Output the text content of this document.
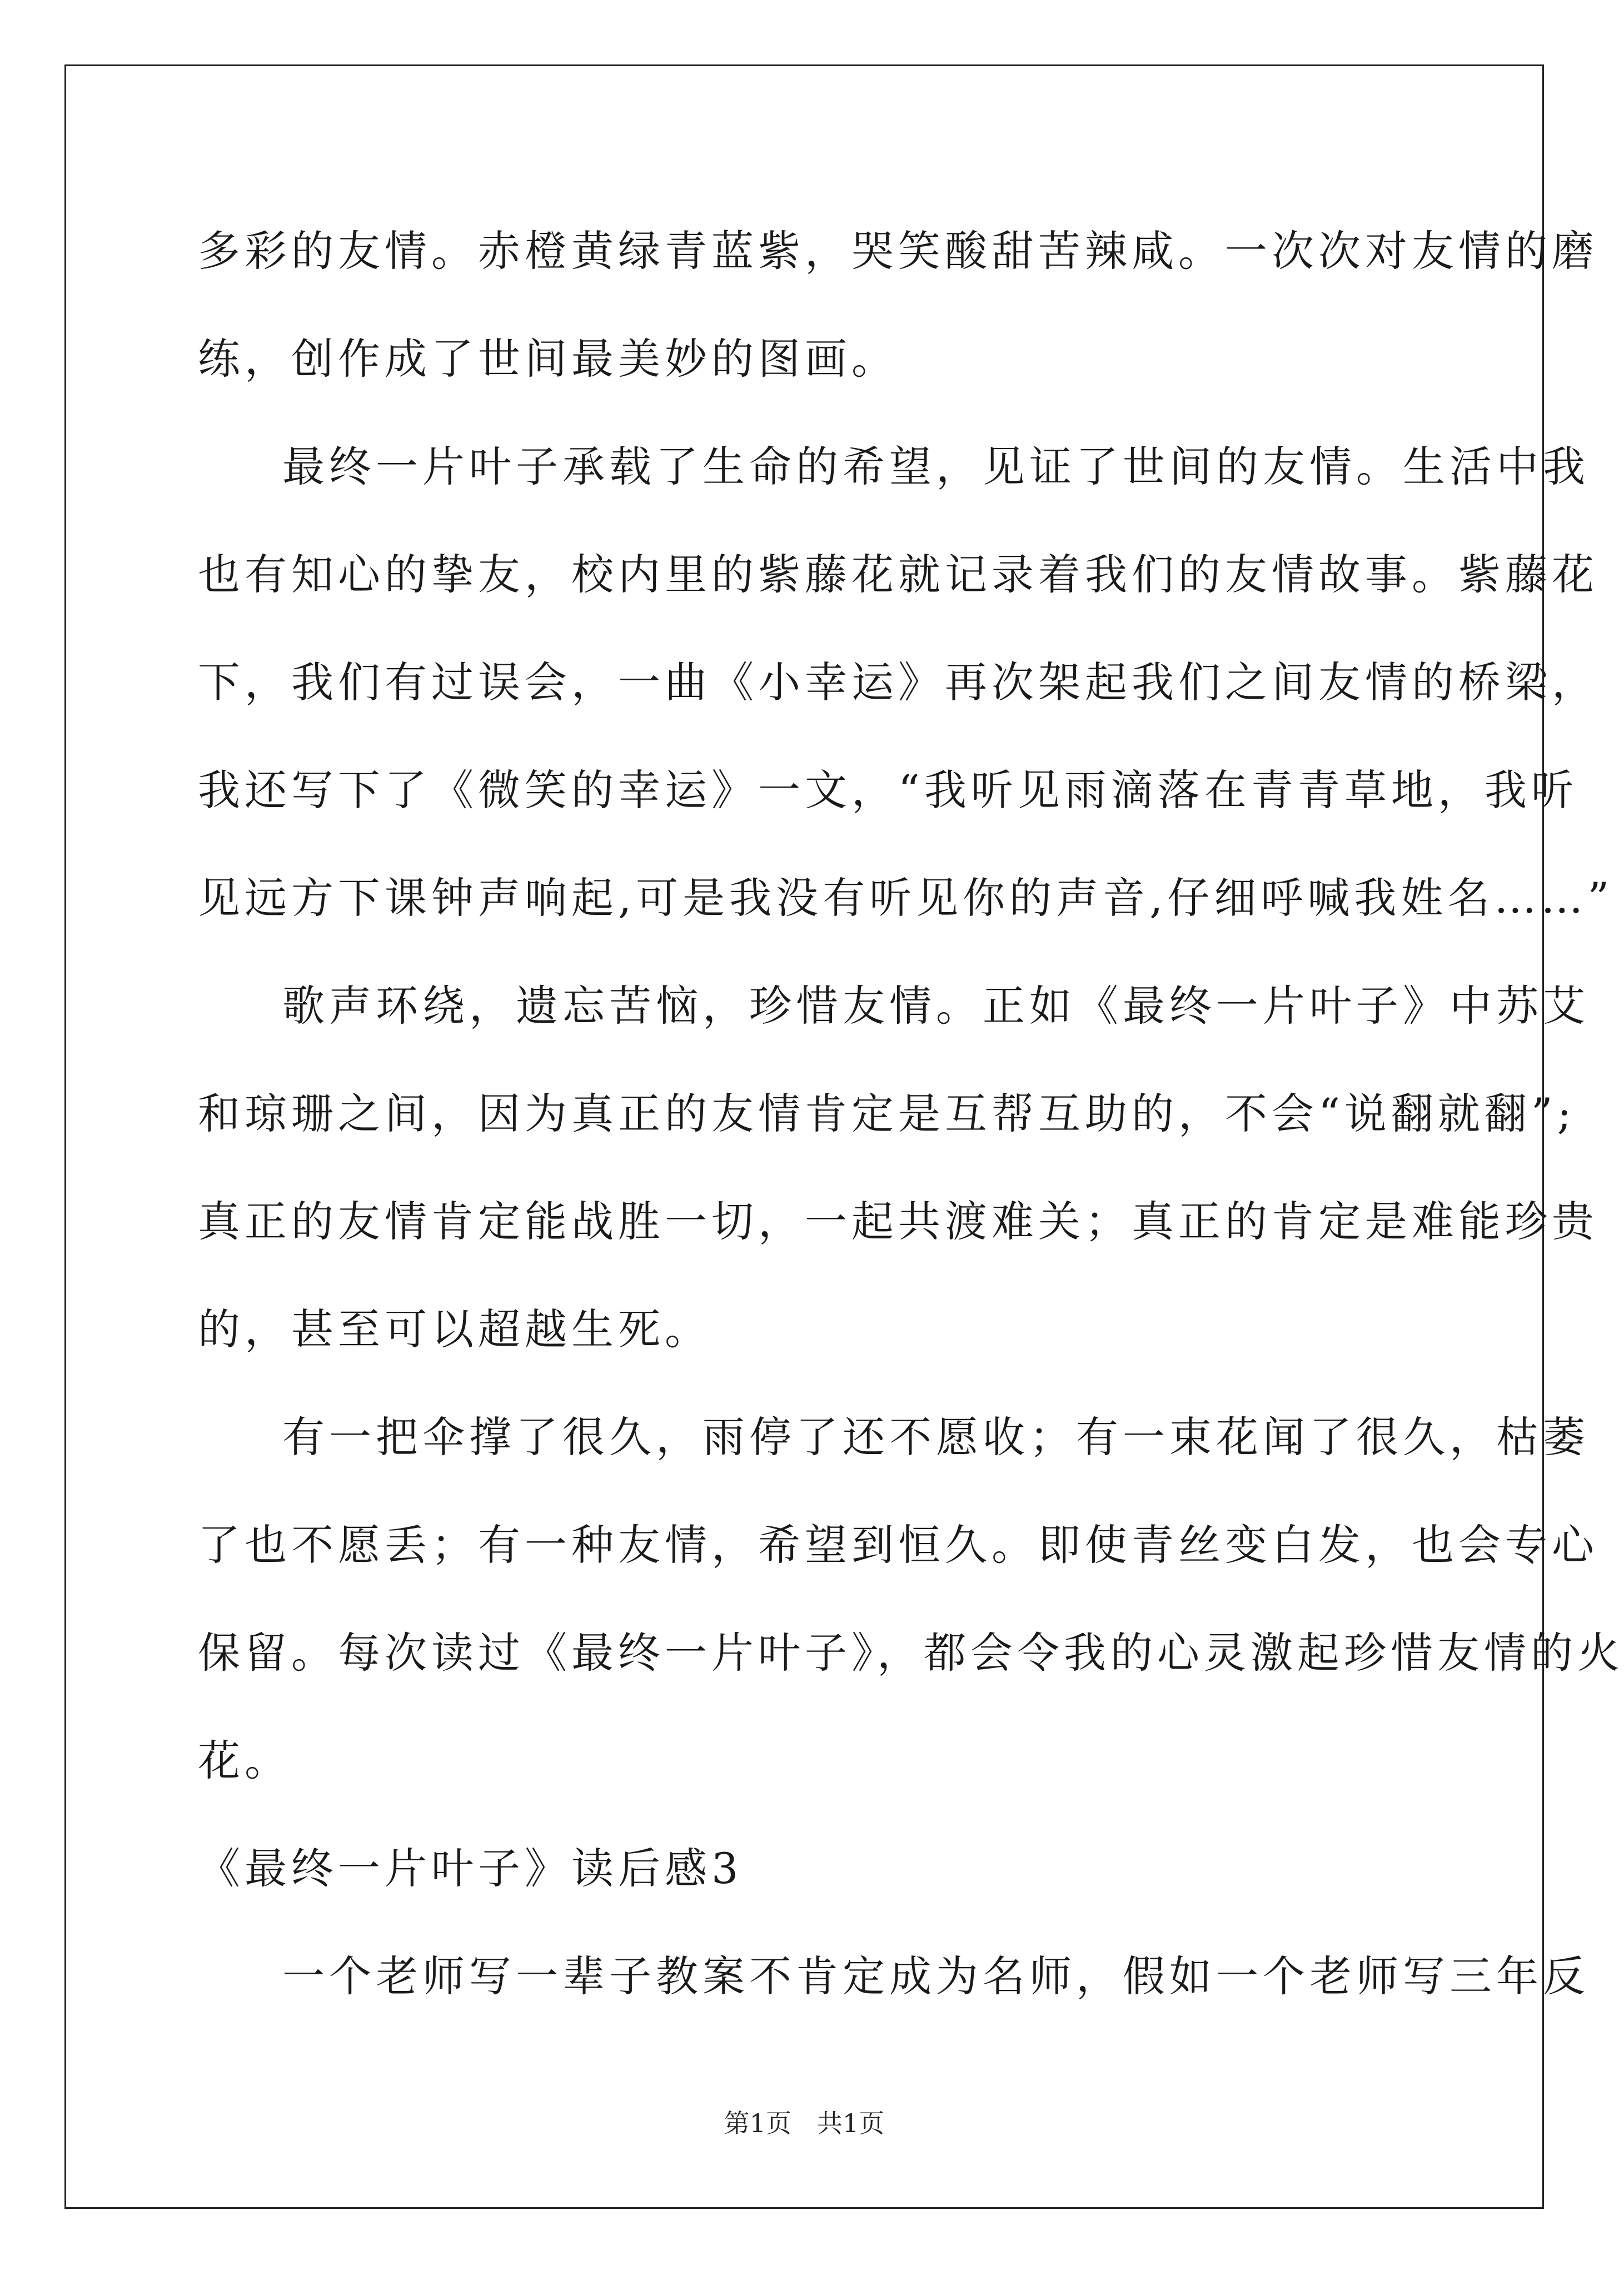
多彩的友情。赤橙黄绿青蓝紫，哭笑酸甜苦辣咸。一次次对友情的磨
练，创作成了世间最美妙的图画。
最终一片叶子承载了生命的希望，见证了世间的友情。生活中我
也有知心的挚友，校内里的紫藤花就记录着我们的友情故事。紫藤花
下，我们有过误会，一曲《小幸运》再次架起我们之间友情的桥梁，
我还写下了《微笑的幸运》一文，“我听见雨滴落在青青草地，我听
见远方下课钟声响起,可是我没有听见你的声音,仔细呼喊我姓名……”
歌声环绕，遗忘苦恼，珍惜友情。正如《最终一片叶子》中苏艾
和琼珊之间，因为真正的友情肯定是互帮互助的，不会“说翻就翻”;
真正的友情肯定能战胜一切，一起共渡难关；真正的肯定是难能珍贵
的，甚至可以超越生死。
有一把伞撑了很久，雨停了还不愿收；有一束花闻了很久，枯萎
了也不愿丢；有一种友情，希望到恒久。即使青丝变白发，也会专心
保留。每次读过《最终一片叶子》，都会令我的心灵激起珍惜友情的火
花。
《最终一片叶子》读后感3
一个老师写一辈子教案不肯定成为名师，假如一个老师写三年反
第1页　共1页
